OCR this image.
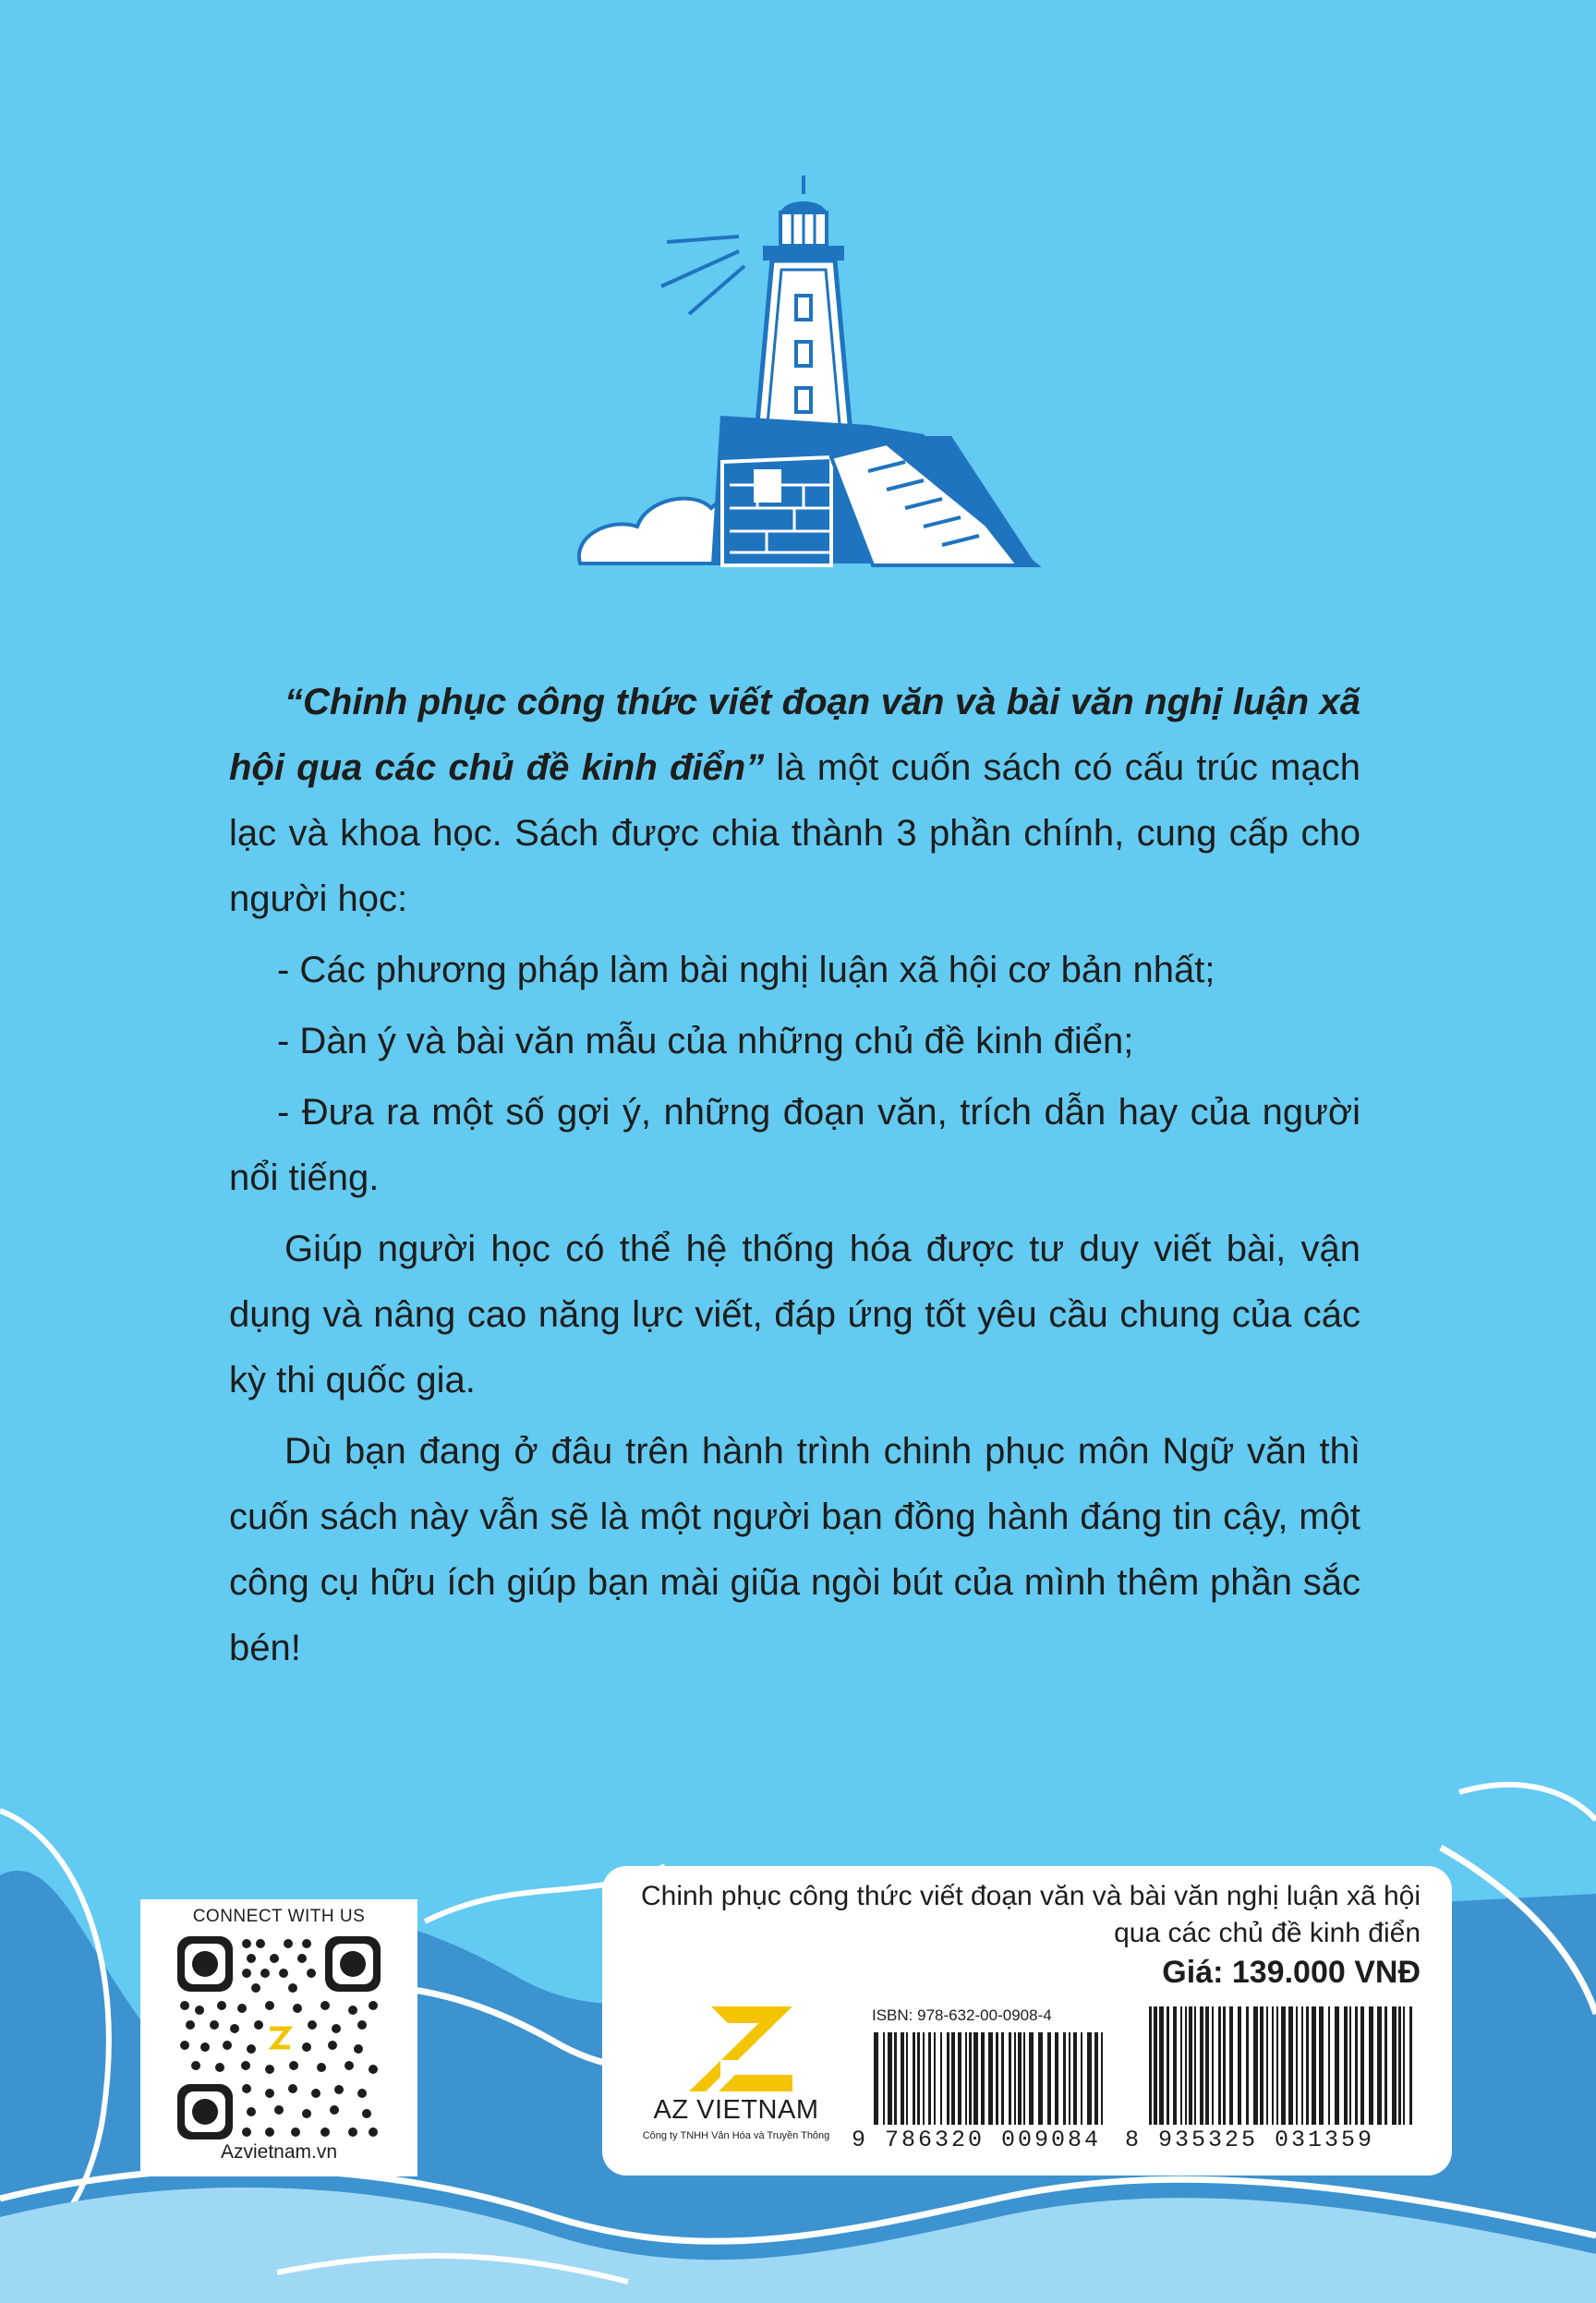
“Chinh phục công thức viết đoạn văn và bài văn nghị luận xã hội qua các chủ đề kinh điển” là một cuốn sách có cấu trúc mạch lạc và khoa học. Sách được chia thành 3 phần chính, cung cấp cho người học:

- Các phương pháp làm bài nghị luận xã hội cơ bản nhất;

- Dàn ý và bài văn mẫu của những chủ đề kinh điển;

- Đưa ra một số gợi ý, những đoạn văn, trích dẫn hay của người nổi tiếng.

Giúp người học có thể hệ thống hóa được tư duy viết bài, vận dụng và nâng cao năng lực viết, đáp ứng tốt yêu cầu chung của các kỳ thi quốc gia.

Dù bạn đang ở đâu trên hành trình chinh phục môn Ngữ văn thì cuốn sách này vẫn sẽ là một người bạn đồng hành đáng tin cậy, một công cụ hữu ích giúp bạn mài giũa ngòi bút của mình thêm phần sắc bén!

CONNECT WITH US
Azvietnam.vn
Chinh phục công thức viết đoạn văn và bài văn nghị luận xã hội
qua các chủ đề kinh điển
Giá: 139.000 VNĐ
AZ VIETNAM
Công ty TNHH Văn Hóa và Truyền Thông
ISBN: 978-632-00-0908-4
9 786320 009084 8 935325 031359
